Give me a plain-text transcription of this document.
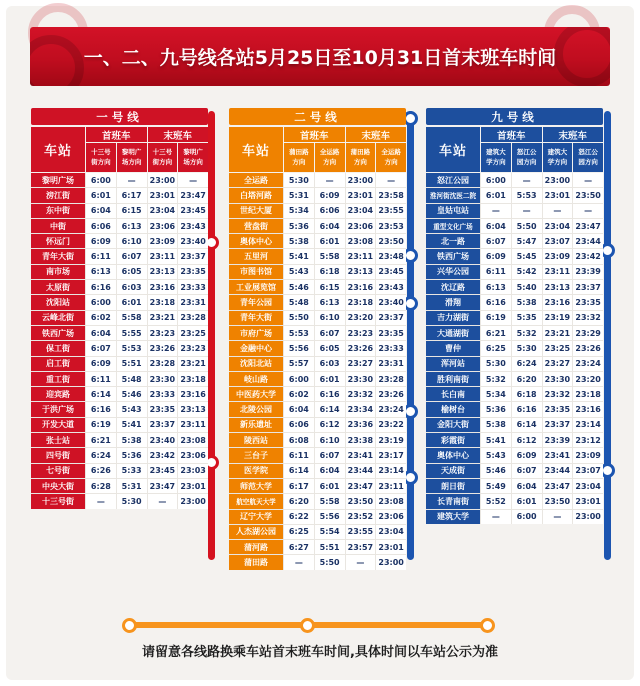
一、二、九号线各站5月25日至10月31日首末班车时间
一号线
车站
首班车	末班车
十三号街方向
黎明广场方向
十三号街方向
黎明广场方向
黎明广场	6:00	—	23:00	—
滂江街	6:01	6:17	23:01 23:47
东中街	6:04	6:15	23:04 23:45
中街	6:06	6:13	23:06 23:43
怀远门	6:09	6:10	23:09 23:40
青年大街	6:11	6:07	23:11 23:37
南市场	6:13	6:05	23:13 23:35
太原街	6:16	6:03	23:16 23:33
沈阳站	6:00	6:01	23:18 23:31
云峰北街	6:02	5:58	23:21 23:28
铁西广场	6:04	5:55	23:23 23:25
保工街	6:07	5:53	23:26 23:23
启工街	6:09	5:51	23:28 23:21
重工街	6:11	5:48	23:30 23:18
迎宾路	6:14	5:46	23:33 23:16
于洪广场	6:16	5:43	23:35 23:13
开发大道	6:19	5:41	23:37 23:11
张士站	6:21	5:38	23:40 23:08
四号街	6:24	5:36	23:42 23:06
七号街	6:26	5:33	23:45 23:03
中央大街	6:28	5:31	23:47 23:01
十三号街	—	5:30	—	23:00
二号线
车站
首班车	末班车
蒲田路方向
全运路方向
蒲田路方向
全运路方向
全运路	5:30	—	23:00	—
白塔河路	5:31	6:09	23:01 23:58
世纪大厦	5:34	6:06	23:04 23:55
营盘街	5:36	6:04	23:06 23:53
奥体中心	5:38	6:01	23:08 23:50
五里河	5:41	5:58	23:11 23:48
市图书馆	5:43	6:18	23:13 23:45
工业展览馆	5:46	6:15	23:16 23:43
青年公园	5:48	6:13	23:18 23:40
青年大街	5:50	6:10	23:20 23:37
市府广场	5:53	6:07	23:23 23:35
金融中心	5:56	6:05	23:26 23:33
沈阳北站	5:57	6:03	23:27 23:31
岐山路	6:00	6:01	23:30 23:28
中医药大学	6:02	6:16	23:32 23:26
北陵公园	6:04	6:14	23:34 23:24
新乐遗址	6:06	6:12	23:36 23:22
陵西站	6:08	6:10	23:38 23:19
三台子	6:11	6:07	23:41 23:17
医学院	6:14	6:04	23:44 23:14
师范大学	6:17	6:01	23:47 23:11
航空航天大学	6:20	5:58	23:50 23:08
辽宁大学	6:22	5:56	23:52 23:06
人杰湖公园	6:25	5:54	23:55 23:04
蒲河路	6:27	5:51	23:57 23:01
蒲田路	—	5:50	—	23:00
九号线
车站
首班车	末班车
建筑大学方向
怒江公园方向
建筑大学方向
怒江公园方向
怒江公园	6:00	—	23:00	—
淮河街沈医二院	6:01	5:53	23:01 23:50
皇姑屯站	—	—	—	—
重型文化广场	6:04	5:50	23:04 23:47
北一路	6:07	5:47	23:07 23:44
铁西广场	6:09	5:45	23:09 23:42
兴华公园	6:11	5:42	23:11 23:39
沈辽路	6:13	5:40	23:13 23:37
滑翔	6:16	5:38	23:16 23:35
吉力湖街	6:19	5:35	23:19 23:32
大通湖街	6:21	5:32	23:21 23:29
曹仲	6:25	5:30	23:25 23:26
浑河站	5:30	6:24	23:27 23:24
胜利南街	5:32	6:20	23:30 23:20
长白南	5:34	6:18	23:32 23:18
榆树台	5:36	6:16	23:35 23:16
金阳大街	5:38	6:14	23:37 23:14
彩霞街	5:41	6:12	23:39 23:12
奥体中心	5:43	6:09	23:41 23:09
天成街	5:46	6:07	23:44 23:07
朗日街	5:49	6:04	23:47 23:04
长青南街	5:52	6:01	23:50 23:01
建筑大学	—	6:00	—	23:00
请留意各线路换乘车站首末班车时间,具体时间以车站公示为准
